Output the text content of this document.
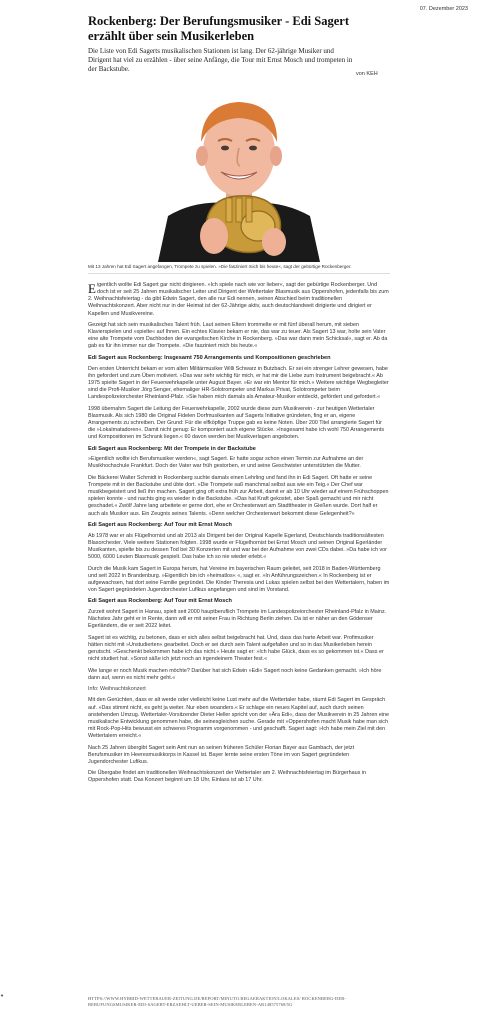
07. Dezember 2023
Rockenberg: Der Berufungsmusiker - Edi Sagert erzählt über sein Musikerleben

Die Liste von Edi Sagerts musikalischen Stationen ist lang. Der 62-jährige Musiker und Dirigent hat viel zu erzählen - über seine Anfänge, die Tour mit Ernst Mosch und trompeten in der Backstube.

von KEH
Mit 13 Jahren hat Edi Sagert angefangen, Trompete zu spielen. »Die fasziniert mich bis heute«, sagt der gebürtige Rockenberger.

Eigentlich wollte Edi Sagert gar nicht dirigieren. »Ich spiele nach wie vor lieber«, sagt der gebürtige Rockenberger. Und doch ist er seit 25 Jahren musikalischer Leiter und Dirigent der Wettertaler Blasmusik aus Oppershofen, jedenfalls bis zum 2. Weihnachtsfeiertag - da gibt Edwin Sagert, den alle nur Edi nennen, seinen Abschied beim traditionellen Weihnachtskonzert. Aber nicht nur in der Heimat ist der 62-Jährige aktiv, auch deutschlandweit dirigierte und dirigiert er Kapellen und Musikvereine.

Gezeigt hat sich sein musikalisches Talent früh. Laut seinen Eltern trommelte er mit fünf überall herum, mit sieben Klavierspielen und »spielte« auf Ihnen. Ein echtes Klavier bekam er nie, das war zu teuer. Als Sagert 13 war, holte sein Vater eine alte Trompete vom Dachboden der evangelischen Kirche in Rockenberg. »Das war dann mein Schicksal«, sagt er. Ab da gab es für ihn immer nur die Trompete. »Die fasziniert mich bis heute.«

Edi Sagert aus Rockenberg: Insgesamt 750 Arrangements und Kompositionen geschrieben

Den ersten Unterricht bekam er vom alten Militärmusiker Willi Schwarz in Butzbach. Er sei ein strenger Lehrer gewesen, habe ihn gefordert und zum Üben motiviert. »Das war sehr wichtig für mich, er hat mir die Liebe zum Instrument beigebracht.« Ab 1975 spielte Sagert in der Feuerwehrkapelle unter August Bayer. »Er war ein Mentor für mich.« Weitere wichtige Wegbegleiter sind die Profi-Musiker Jörg Senger, ehemaliger HR-Solotrompeter und Markus Privat, Solotrompeter beim Landespolizeiorchester Rheinland-Pfalz. »Sie haben mich damals als Amateur-Musiker entdeckt, gefördert und gefordert.«

1998 übernahm Sagert die Leitung der Feuerwehrkapelle, 2002 wurde diese zum Musikverein - zur heutigen Wettertaler Blasmusik. Als sich 1980 die Original Fidelen Dorfmusikanten auf Sagerts Initiative gründeten, fing er an, eigene Arrangements zu schreiben. Der Grund: Für die elfköpfige Truppe gab es keine Noten. Über 200 Titel arrangierte Sagert für die »Lokalmatadoren«. Damit nicht genug: Er komponiert auch eigene Stücke. »Insgesamt habe ich wohl 750 Arrangements und Kompositionen im Schrank liegen.« 60 davon werden bei Musikverlagen angeboten.

Edi Sagert aus Rockenberg: Mit der Trompete in der Backstube

»Eigentlich wollte ich Berufsmusiker werden«, sagt Sagert. Er hatte sogar schon einen Termin zur Aufnahme an der Musikhochschule Frankfurt. Doch der Vater war früh gestorben, er und seine Geschwister unterstützten die Mutter.

Die Bäckerei Walter Schmidt in Rockenberg suchte damals einen Lehrling und fand ihn in Edi Sagert. Oft hatte er seine Trompete mit in der Backstube und übte dort. »Die Trompete saß manchmal selbst aus wie ein Teig.« Der Chef war musikbegeistert und ließ ihn machen. Sagert ging oft extra früh zur Arbeit, damit er ab 10 Uhr wieder auf einem Frühschoppen spielen konnte - und nachts ging es wieder in die Backstube. »Das hat Kraft gekostet, aber Spaß gemacht und mir nicht geschadet.« Zwölf Jahre lang arbeitete er gerne dort, ehe er Orchesterwart am Stadttheater in Gießen wurde. Dort half er auch als Musiker aus. Ein Zeugnis seines Talents. »Denn welcher Orchesterwart bekommt diese Gelegenheit?«

Edi Sagert aus Rockenberg: Auf Tour mit Ernst Mosch

Ab 1978 war er als Flügelhornist und ab 2013 als Dirigent bei der Original Kapelle Egerland, Deutschlands traditionsältesten Blasorchester. Viele weitere Stationen folgten. 1998 wurde er Flügelhornist bei Ernst Mosch und seinen Original Egerländer Musikanten, spielte bis zu dessen Tod bei 30 Konzerten mit und war bei der Aufnahme von zwei CDs dabei. »Da habe ich vor 5000, 6000 Leuten Blasmusik gespielt. Das habe ich so nie wieder erlebt.«

Durch die Musik kam Sagert in Europa herum, hat Vereine im bayerischen Raum geleitet, seit 2018 in Baden-Württemberg und seit 2022 in Brandenburg. »Eigentlich bin ich »heimatlos« «, sagt er. »In Anführungszeichen.« In Rockenberg ist er aufgewachsen, hat dort seine Familie gegründet. Die Kinder Theresia und Lukas spielen selbst bei den Wettertalern, haben im von Sagert gegründeten Jugendorchester Lufikus angefangen und sind im Vorstand.

Edi Sagert aus Rockenberg: Auf Tour mit Ernst Mosch

Zurzeit wohnt Sagert in Hanau, spielt seit 2000 hauptberuflich Trompete im Landespolizeiorchester Rheinland-Pfalz in Mainz. Nächstes Jahr geht er in Rente, dann will er mit seiner Frau in Richtung Berlin ziehen. Da ist er näher an den Gödenser Egerländern, die er seit 2022 leitet.

Sagert ist es wichtig, zu betonen, dass er sich alles selbst beigebracht hat. Und, dass das harte Arbeit war. Profimusiker hätten nicht mit »Unstudierten« gearbeitet. Doch er sei durch sein Talent aufgefallen und so in das Musikerleben herein gerutscht. »Geschenkt bekommen habe ich das nicht.« Heute sagt er: »Ich habe Glück, dass es so gekommen ist.« Dass er nicht studiert hat. »Sonst säße ich jetzt noch an irgendeinem Theater fest.«

Wie lange er noch Musik machen möchte? Darüber hat sich Edwin »Edi« Sagert noch keine Gedanken gemacht. »Ich höre dann auf, wenn es nicht mehr geht.«

Info: Weihnachtskonzert

Mit den Gerüchten, dass er alt werde oder vielleicht keine Lust mehr auf die Wettertaler habe, räumt Edi Sagert im Gespräch auf. »Das stimmt nicht, es geht ja weiter. Nur eben woanders.« Er schlage ein neues Kapitel auf, auch durch seinen anstehenden Umzug. Wettertaler-Vorsitzender Dieter Heller spricht von der »Ära Edi«, dass der Musikverein in 25 Jahren eine musikalische Entwicklung genommen habe, die seinesgleichen suche. Gerade mit »Oppershofen macht Musik habe man sich mit Rock-Pop-Hits bewusst ein schweres Programm vorgenommen - und geschafft. Sagert sagt: »Ich habe mein Ziel mit den Wettertalern erreicht.«

Nach 25 Jahren übergibt Sagert sein Amt nun an seinen früheren Schüler Florian Bayer aus Gambach, der jetzt Berufsmusiker im Heeresmusikkorps in Kassel ist. Bayer lernte seine ersten Töne im von Sagert gegründeten Jugendorchester Lufikus.

Die Übergabe findet am traditionellen Weihnachtskonzert der Wettertaler am 2. Weihnachtsfeiertag im Bürgerhaus in Oppershofen statt. Das Konzert beginnt um 18 Uhr, Einlass ist ab 17 Uhr.

•	HTTPS://WWW.HYBRID-WETTERAUER-ZEITUNG.DE/REPORT/MINUTO.REGAERAKTION/LOKALES/ ROCKENBERG-DER-BERUFUNGSMUSIKER-EDI-SAGERT-ERZAEHLT-UEBER-SEIN-MUSIKERLEBEN-AR148575768/5G
